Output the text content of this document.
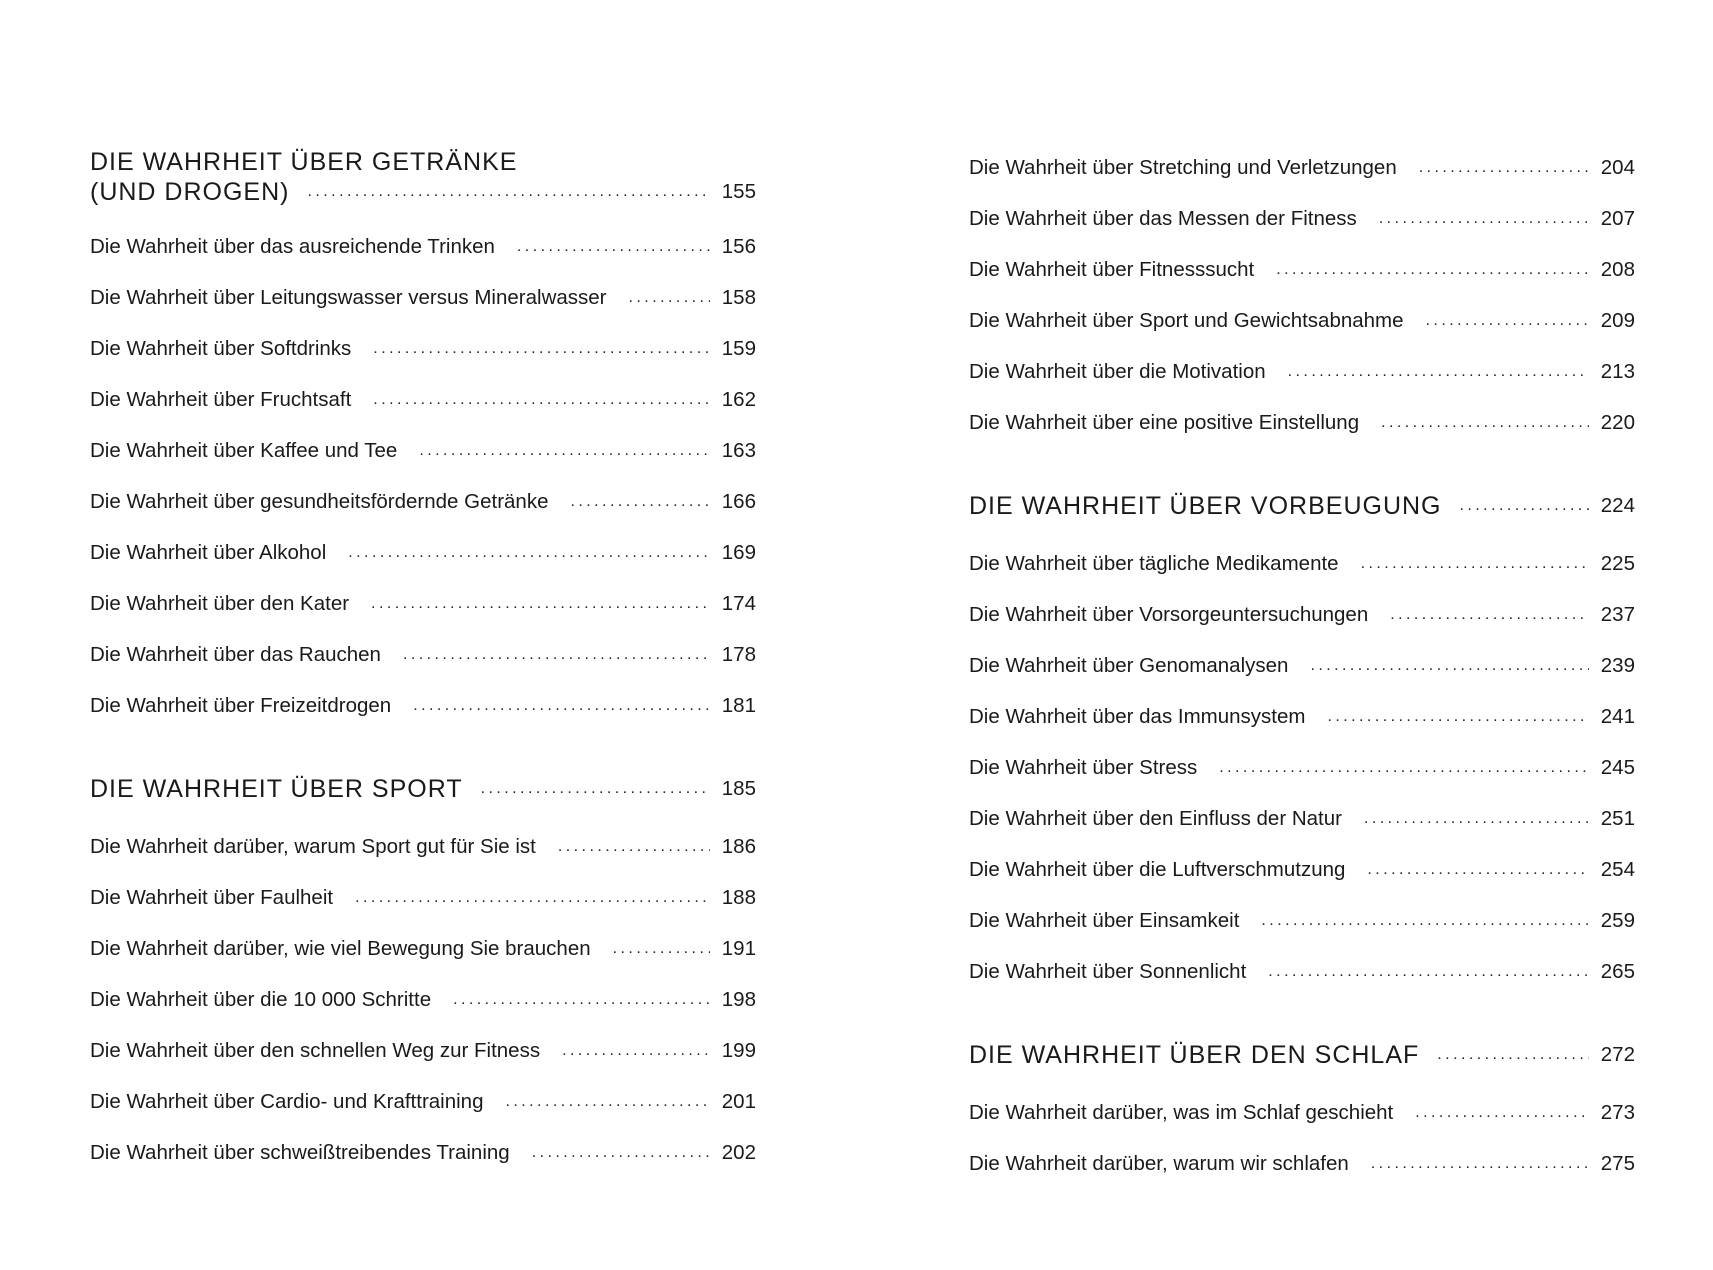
DIE WAHRHEIT ÜBER GETRÄNKE
(UND DROGEN) . . .	155
Die Wahrheit über das ausreichende Trinken . . .	156
Die Wahrheit über Leitungswasser versus Mineralwasser . . .	158
Die Wahrheit über Softdrinks . . .	159
Die Wahrheit über Fruchtsaft . . .	162
Die Wahrheit über Kaffee und Tee . . .	163
Die Wahrheit über gesundheitsfördernde Getränke . . .	166
Die Wahrheit über Alkohol . . .	169
Die Wahrheit über den Kater . . .	174
Die Wahrheit über das Rauchen . . .	178
Die Wahrheit über Freizeitdrogen . . .	181
DIE WAHRHEIT ÜBER SPORT . . .	185
Die Wahrheit darüber, warum Sport gut für Sie ist . . .	186
Die Wahrheit über Faulheit . . .	188
Die Wahrheit darüber, wie viel Bewegung Sie brauchen . . .	191
Die Wahrheit über die 10 000 Schritte . . .	198
Die Wahrheit über den schnellen Weg zur Fitness . . .	199
Die Wahrheit über Cardio- und Krafttraining . . .	201
Die Wahrheit über schweißtreibendes Training . . .	202
Die Wahrheit über Stretching und Verletzungen . . .	204
Die Wahrheit über das Messen der Fitness . . .	207
Die Wahrheit über Fitnesssucht . . .	208
Die Wahrheit über Sport und Gewichtsabnahme . . .	209
Die Wahrheit über die Motivation . . .	213
Die Wahrheit über eine positive Einstellung . . .	220
DIE WAHRHEIT ÜBER VORBEUGUNG . . .	224
Die Wahrheit über tägliche Medikamente . . .	225
Die Wahrheit über Vorsorgeuntersuchungen . . .	237
Die Wahrheit über Genomanalysen . . .	239
Die Wahrheit über das Immunsystem . . .	241
Die Wahrheit über Stress . . .	245
Die Wahrheit über den Einfluss der Natur . . .	251
Die Wahrheit über die Luftverschmutzung . . .	254
Die Wahrheit über Einsamkeit . . .	259
Die Wahrheit über Sonnenlicht . . .	265
DIE WAHRHEIT ÜBER DEN SCHLAF . . .	272
Die Wahrheit darüber, was im Schlaf geschieht . . .	273
Die Wahrheit darüber, warum wir schlafen . . .	275
